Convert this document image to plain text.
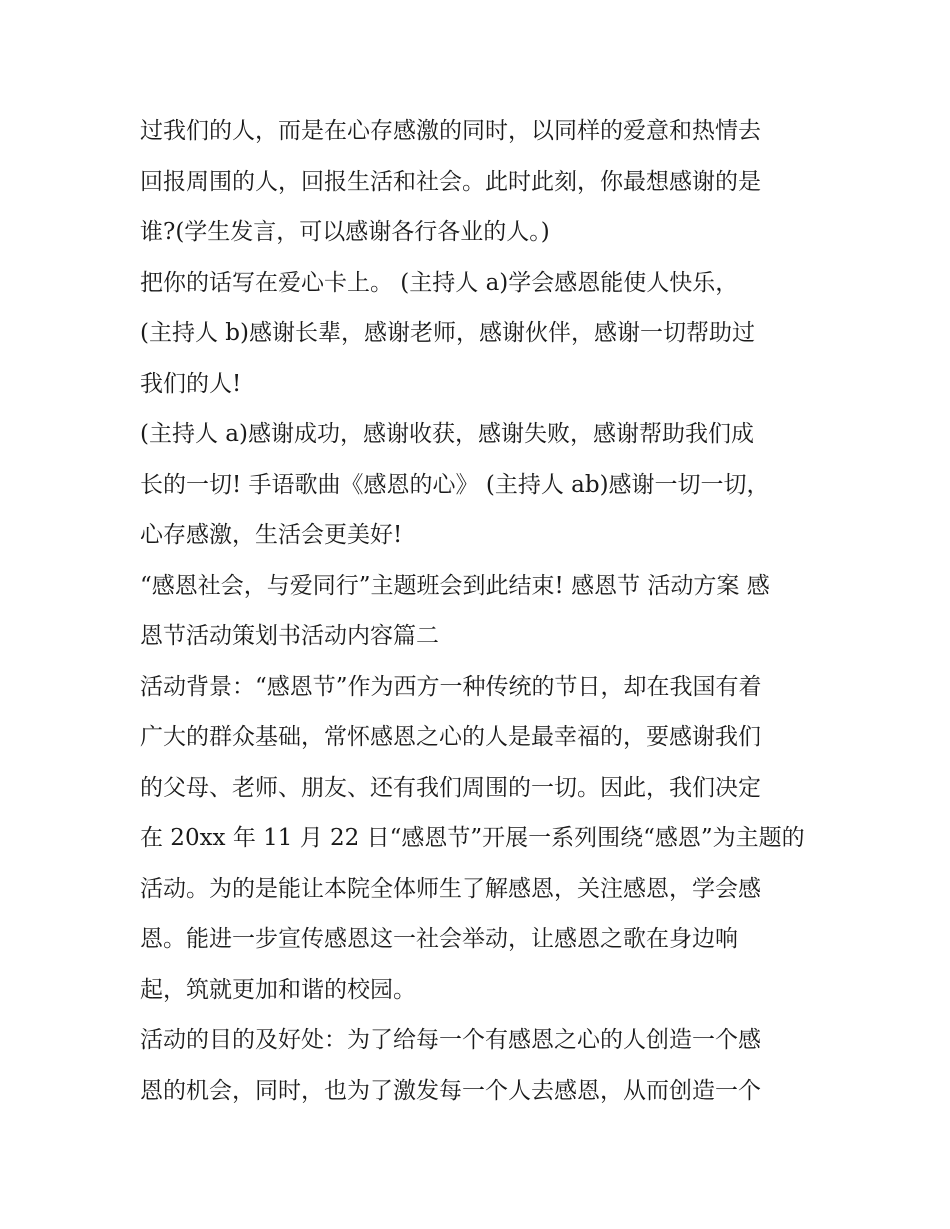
过我们的人，而是在心存感激的同时，以同样的爱意和热情去
回报周围的人，回报生活和社会。此时此刻，你最想感谢的是
谁?(学生发言，可以感谢各行各业的人。)
把你的话写在爱心卡上。 (主持人 a)学会感恩能使人快乐，
(主持人 b)感谢长辈，感谢老师，感谢伙伴，感谢一切帮助过
我们的人!
(主持人 a)感谢成功，感谢收获，感谢失败，感谢帮助我们成
长的一切! 手语歌曲《感恩的心》 (主持人 ab)感谢一切一切，
心存感激，生活会更美好!
“感恩社会，与爱同行”主题班会到此结束! 感恩节 活动方案 感
恩节活动策划书活动内容篇二
活动背景：“感恩节”作为西方一种传统的节日，却在我国有着
广大的群众基础，常怀感恩之心的人是最幸福的，要感谢我们
的父母、老师、朋友、还有我们周围的一切。因此，我们决定
在 20xx 年 11 月 22 日“感恩节”开展一系列围绕“感恩”为主题的
活动。为的是能让本院全体师生了解感恩，关注感恩，学会感
恩。能进一步宣传感恩这一社会举动，让感恩之歌在身边响
起，筑就更加和谐的校园。
活动的目的及好处：为了给每一个有感恩之心的人创造一个感
恩的机会，同时，也为了激发每一个人去感恩，从而创造一个
